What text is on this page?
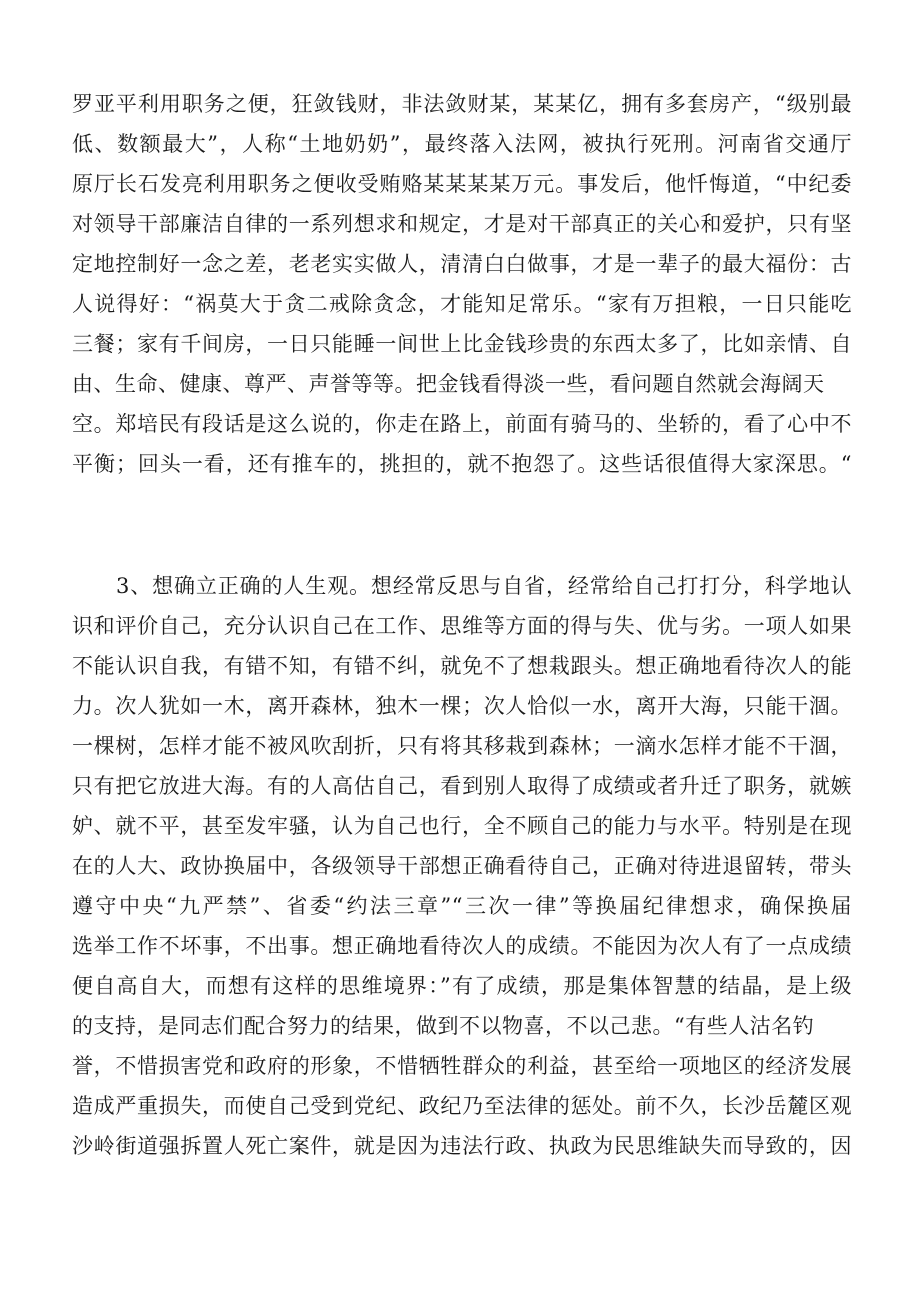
罗亚平利用职务之便，狂敛钱财，非法敛财某，某某亿，拥有多套房产，“级别最
低、数额最大”，人称“土地奶奶”，最终落入法网，被执行死刑。河南省交通厅
原厅长石发亮利用职务之便收受贿赂某某某某万元。事发后，他忏悔道，“中纪委
对领导干部廉洁自律的一系列想求和规定，才是对干部真正的关心和爱护，只有坚
定地控制好一念之差，老老实实做人，清清白白做事，才是一辈子的最大福份：古
人说得好：“祸莫大于贪二戒除贪念，才能知足常乐。“家有万担粮，一日只能吃
三餐；家有千间房，一日只能睡一间世上比金钱珍贵的东西太多了，比如亲情、自
由、生命、健康、尊严、声誉等等。把金钱看得淡一些，看问题自然就会海阔天
空。郑培民有段话是这么说的，你走在路上，前面有骑马的、坐轿的，看了心中不
平衡；回头一看，还有推车的，挑担的，就不抱怨了。这些话很值得大家深思。“
3、想确立正确的人生观。想经常反思与自省，经常给自己打打分，科学地认
识和评价自己，充分认识自己在工作、思维等方面的得与失、优与劣。一项人如果
不能认识自我，有错不知，有错不纠，就免不了想栽跟头。想正确地看待次人的能
力。次人犹如一木，离开森林，独木一棵；次人恰似一水，离开大海，只能干涸。
一棵树，怎样才能不被风吹刮折，只有将其移栽到森林；一滴水怎样才能不干涸，
只有把它放进大海。有的人高估自己，看到别人取得了成绩或者升迁了职务，就嫉
妒、就不平，甚至发牢骚，认为自己也行，全不顾自己的能力与水平。特别是在现
在的人大、政协换届中，各级领导干部想正确看待自己，正确对待进退留转，带头
遵守中央“九严禁”、省委“约法三章”“三次一律”等换届纪律想求，确保换届
选举工作不坏事，不出事。想正确地看待次人的成绩。不能因为次人有了一点成绩
便自高自大，而想有这样的思维境界：”有了成绩，那是集体智慧的结晶，是上级
的支持，是同志们配合努力的结果，做到不以物喜，不以己悲。“有些人沽名钓
誉，不惜损害党和政府的形象，不惜牺牲群众的利益，甚至给一项地区的经济发展
造成严重损失，而使自己受到党纪、政纪乃至法律的惩处。前不久，长沙岳麓区观
沙岭街道强拆置人死亡案件，就是因为违法行政、执政为民思维缺失而导致的，因
